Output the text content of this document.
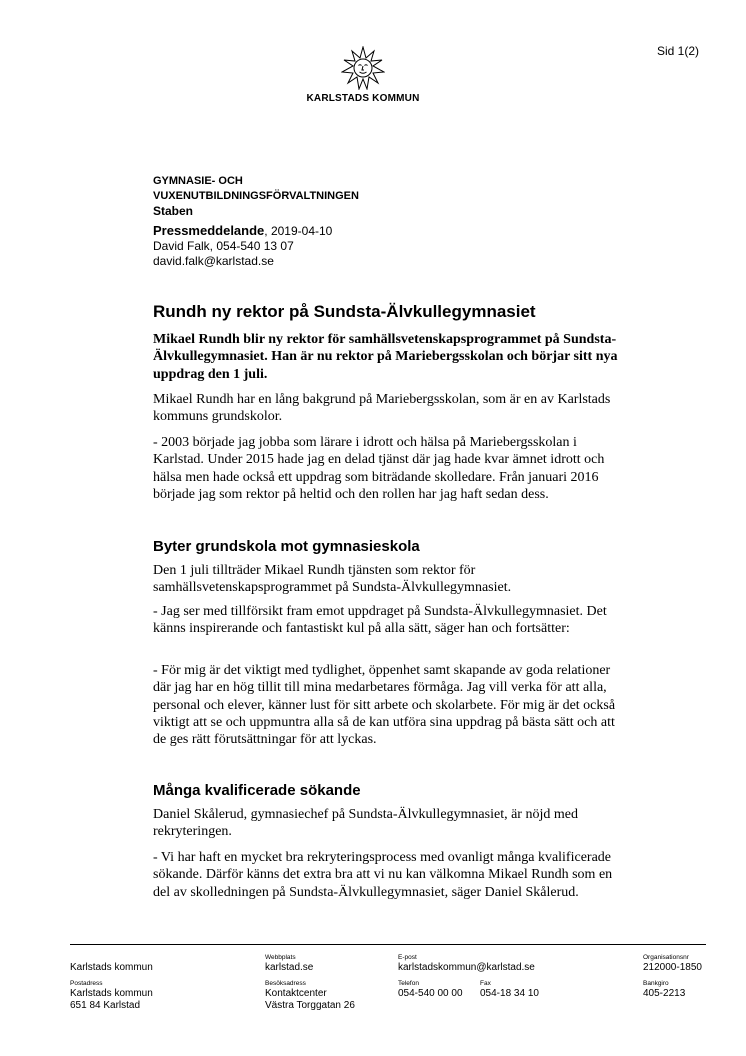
Sid 1(2)
KARLSTADS KOMMUN
GYMNASIE- OCH
VUXENUTBILDNINGSFÖRVALTNINGEN
Staben
Pressmeddelande, 2019-04-10
David Falk, 054-540 13 07
david.falk@karlstad.se
Rundh ny rektor på Sundsta-Älvkullegymnasiet

Mikael Rundh blir ny rektor för samhällsvetenskapsprogrammet på Sundsta-Älvkullegymnasiet. Han är nu rektor på Mariebergsskolan och börjar sitt nya uppdrag den 1 juli.

Mikael Rundh har en lång bakgrund på Mariebergsskolan, som är en av Karlstads kommuns grundskolor.

- 2003 började jag jobba som lärare i idrott och hälsa på Mariebergsskolan i Karlstad. Under 2015 hade jag en delad tjänst där jag hade kvar ämnet idrott och hälsa men hade också ett uppdrag som biträdande skolledare. Från januari 2016 började jag som rektor på heltid och den rollen har jag haft sedan dess.

Byter grundskola mot gymnasieskola

Den 1 juli tillträder Mikael Rundh tjänsten som rektor för samhällsvetenskapsprogrammet på Sundsta-Älvkullegymnasiet.

- Jag ser med tillförsikt fram emot uppdraget på Sundsta-Älvkullegymnasiet. Det känns inspirerande och fantastiskt kul på alla sätt, säger han och fortsätter:

- För mig är det viktigt med tydlighet, öppenhet samt skapande av goda relationer där jag har en hög tillit till mina medarbetares förmåga. Jag vill verka för att alla, personal och elever, känner lust för sitt arbete och skolarbete. För mig är det också viktigt att se och uppmuntra alla så de kan utföra sina uppdrag på bästa sätt och att de ges rätt förutsättningar för att lyckas.

Många kvalificerade sökande

Daniel Skålerud, gymnasiechef på Sundsta-Älvkullegymnasiet, är nöjd med rekryteringen.

- Vi har haft en mycket bra rekryteringsprocess med ovanligt många kvalificerade sökande. Därför känns det extra bra att vi nu kan välkomna Mikael Rundh som en del av skolledningen på Sundsta-Älvkullegymnasiet, säger Daniel Skålerud.

Karlstads kommun
Webbplats
karlstad.se
E-post
karlstadskommun@karlstad.se
Organisationsnr
212000-1850
Postadress
Karlstads kommun
651 84 Karlstad
Besöksadress
Kontaktcenter
Västra Torggatan 26
Telefon
054-540 00 00
Fax
054-18 34 10
Bankgiro
405-2213
